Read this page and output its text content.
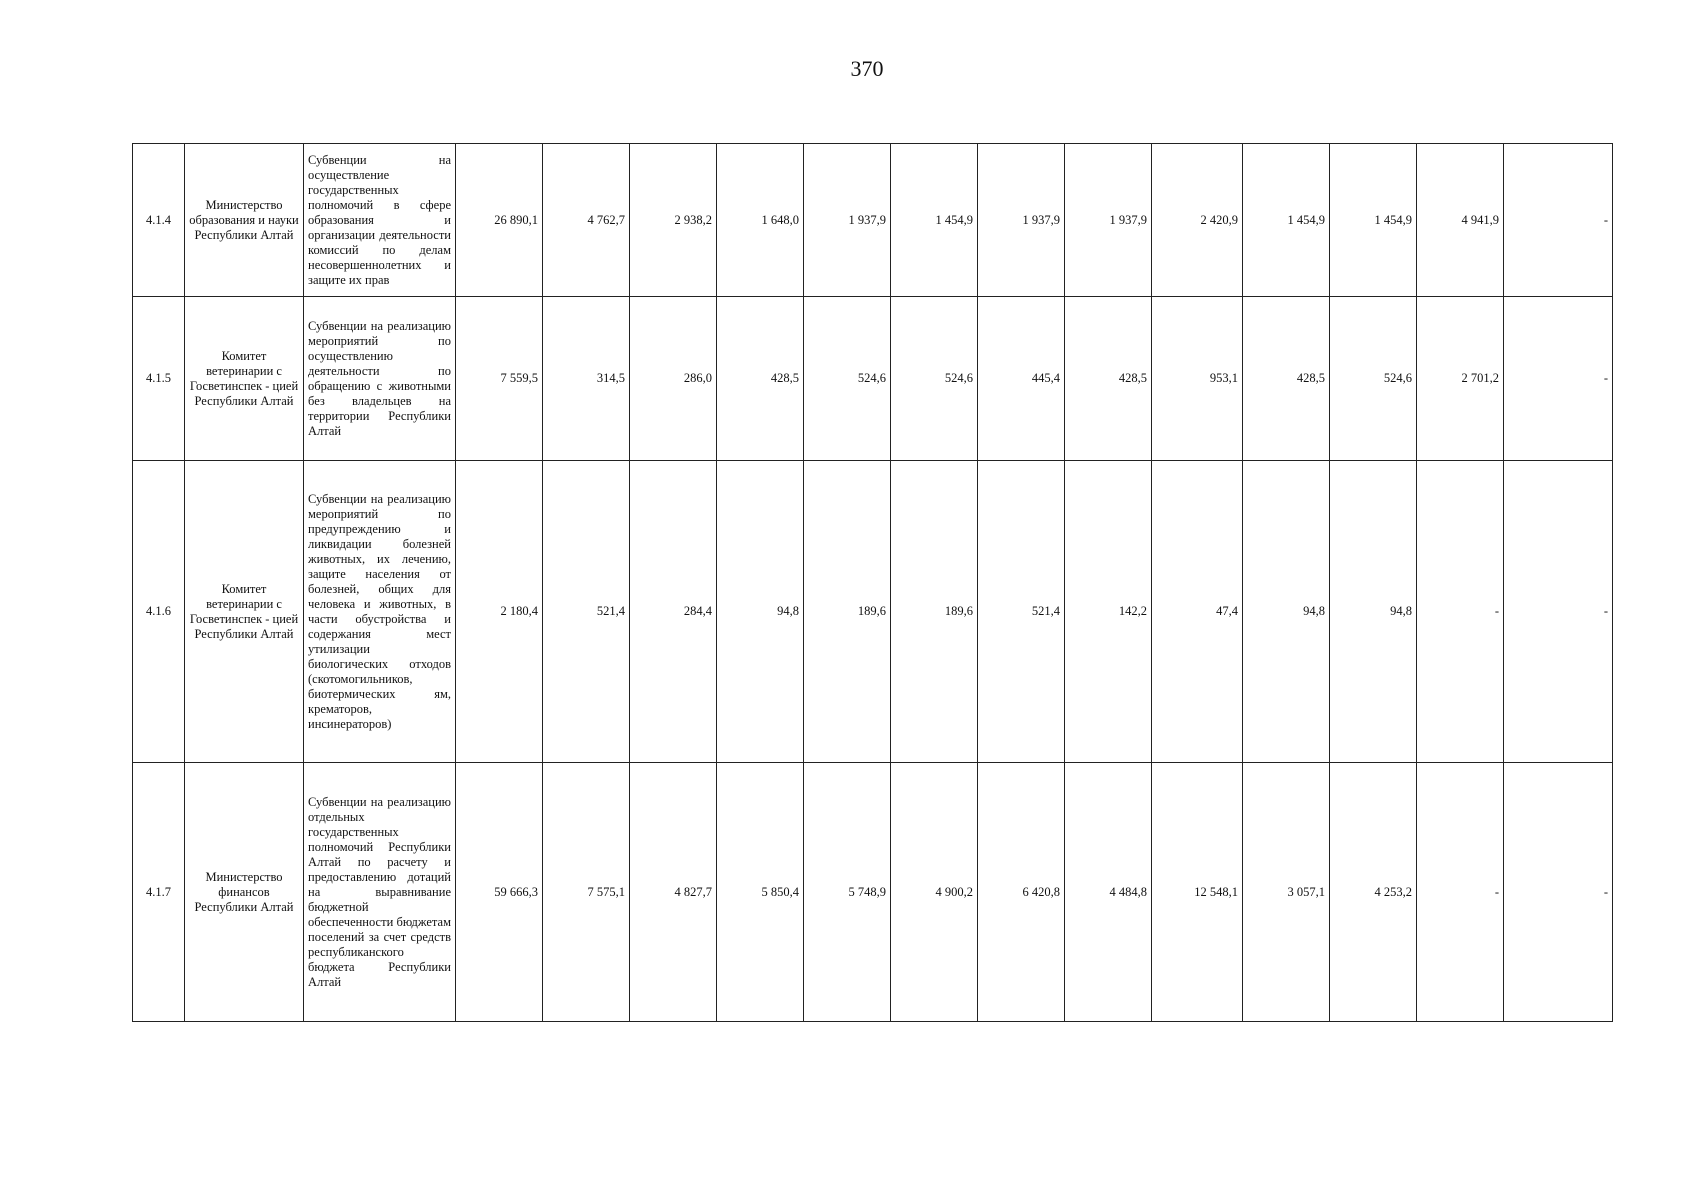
370
4.1.4	Министерство образования и науки Республики Алтай	Субвенции на осуществление государственных полномочий в сфере образования и организации деятельности комиссий по делам несовершеннолетних и защите их прав	26 890,1	4 762,7	2 938,2	1 648,0	1 937,9	1 454,9	1 937,9	1 937,9	2 420,9	1 454,9	1 454,9	4 941,9	-
4.1.5	Комитет ветеринарии с Госветинспек - цией Республики Алтай	Субвенции на реализацию мероприятий по осуществлению деятельности по обращению с животными без владельцев на территории Республики Алтай	7 559,5	314,5	286,0	428,5	524,6	524,6	445,4	428,5	953,1	428,5	524,6	2 701,2	-
4.1.6	Комитет ветеринарии с Госветинспек - цией Республики Алтай	Субвенции на реализацию мероприятий по предупреждению и ликвидации болезней животных, их лечению, защите населения от болезней, общих для человека и животных, в части обустройства и содержания мест утилизации биологических отходов (скотомогильников, биотермических ям, крематоров, инсинераторов)	2 180,4	521,4	284,4	94,8	189,6	189,6	521,4	142,2	47,4	94,8	94,8	-	-
4.1.7	Министерство финансов Республики Алтай	Субвенции на реализацию отдельных государственных полномочий Республики Алтай по расчету и предоставлению дотаций на выравнивание бюджетной обеспеченности бюджетам поселений за счет средств республиканского бюджета Республики Алтай	59 666,3	7 575,1	4 827,7	5 850,4	5 748,9	4 900,2	6 420,8	4 484,8	12 548,1	3 057,1	4 253,2	-	-
